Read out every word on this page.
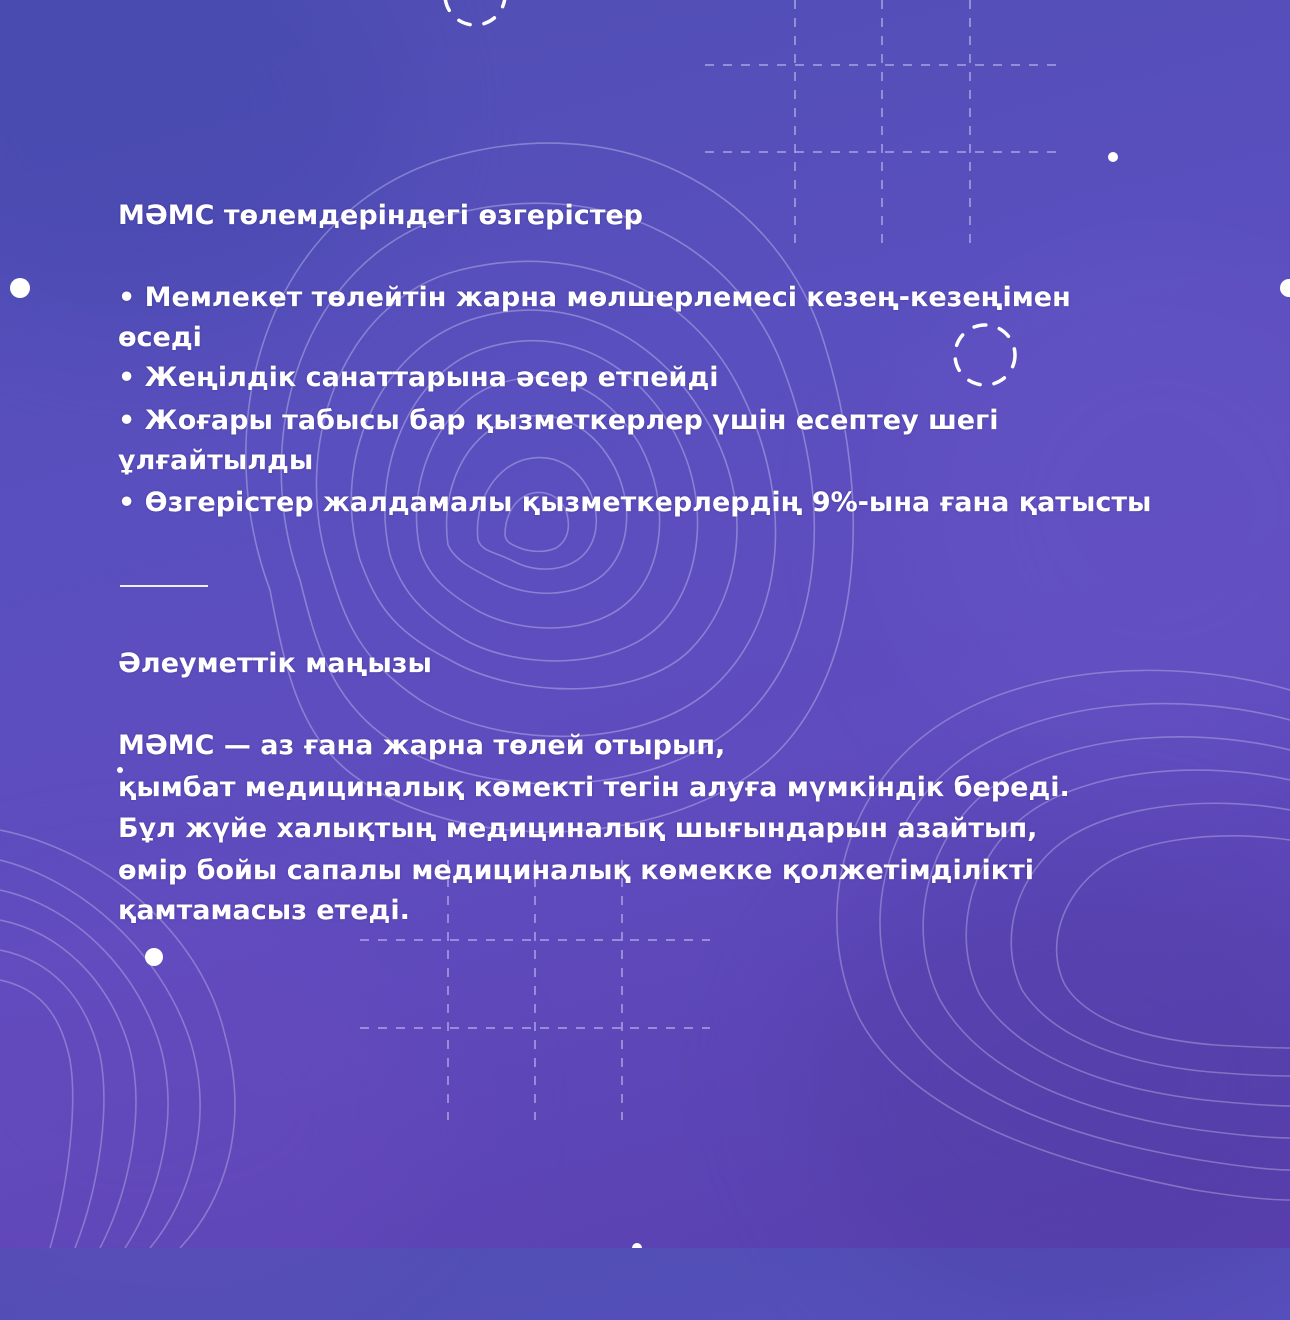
МӘМС төлемдеріндегі өзгерістер
• Мемлекет төлейтін жарна мөлшерлемесі кезең-кезеңімен
өседі
• Жеңілдік санаттарына әсер етпейді
• Жоғары табысы бар қызметкерлер үшін есептеу шегі
ұлғайтылды
• Өзгерістер жалдамалы қызметкерлердің 9%-ына ғана қатысты
Әлеуметтік маңызы
МӘМС — аз ғана жарна төлей отырып,
қымбат медициналық көмекті тегін алуға мүмкіндік береді.
Бұл жүйе халықтың медициналық шығындарын азайтып,
өмір бойы сапалы медициналық көмекке қолжетімділікті
қамтамасыз етеді.
